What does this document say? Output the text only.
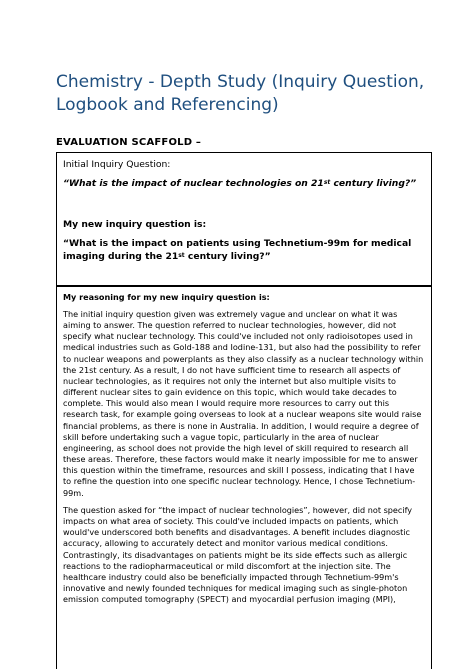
Chemistry - Depth Study (Inquiry Question, Logbook and Referencing)
EVALUATION SCAFFOLD –
Initial Inquiry Question:
“What is the impact of nuclear technologies on 21st century living?”
My new inquiry question is:
“What is the impact on patients using Technetium-99m for medical imaging during the 21st century living?”
My reasoning for my new inquiry question is:
The initial inquiry question given was extremely vague and unclear on what it was aiming to answer. The question referred to nuclear technologies, however, did not specify what nuclear technology. This could've included not only radioisotopes used in medical industries such as Gold-188 and Iodine-131, but also had the possibility to refer to nuclear weapons and powerplants as they also classify as a nuclear technology within the 21st century. As a result, I do not have sufficient time to research all aspects of nuclear technologies, as it requires not only the internet but also multiple visits to different nuclear sites to gain evidence on this topic, which would take decades to complete. This would also mean I would require more resources to carry out this research task, for example going overseas to look at a nuclear weapons site would raise financial problems, as there is none in Australia. In addition, I would require a degree of skill before undertaking such a vague topic, particularly in the area of nuclear engineering, as school does not provide the high level of skill required to research all these areas. Therefore, these factors would make it nearly impossible for me to answer this question within the timeframe, resources and skill I possess, indicating that I have to refine the question into one specific nuclear technology. Hence, I chose Technetium-99m.
The question asked for “the impact of nuclear technologies”, however, did not specify impacts on what area of society. This could've included impacts on patients, which would've underscored both benefits and disadvantages. A benefit includes diagnostic accuracy, allowing to accurately detect and monitor various medical conditions. Contrastingly, its disadvantages on patients might be its side effects such as allergic reactions to the radiopharmaceutical or mild discomfort at the injection site. The healthcare industry could also be beneficially impacted through Technetium-99m's innovative and newly founded techniques for medical imaging such as single-photon emission computed tomography (SPECT) and myocardial perfusion imaging (MPI),
